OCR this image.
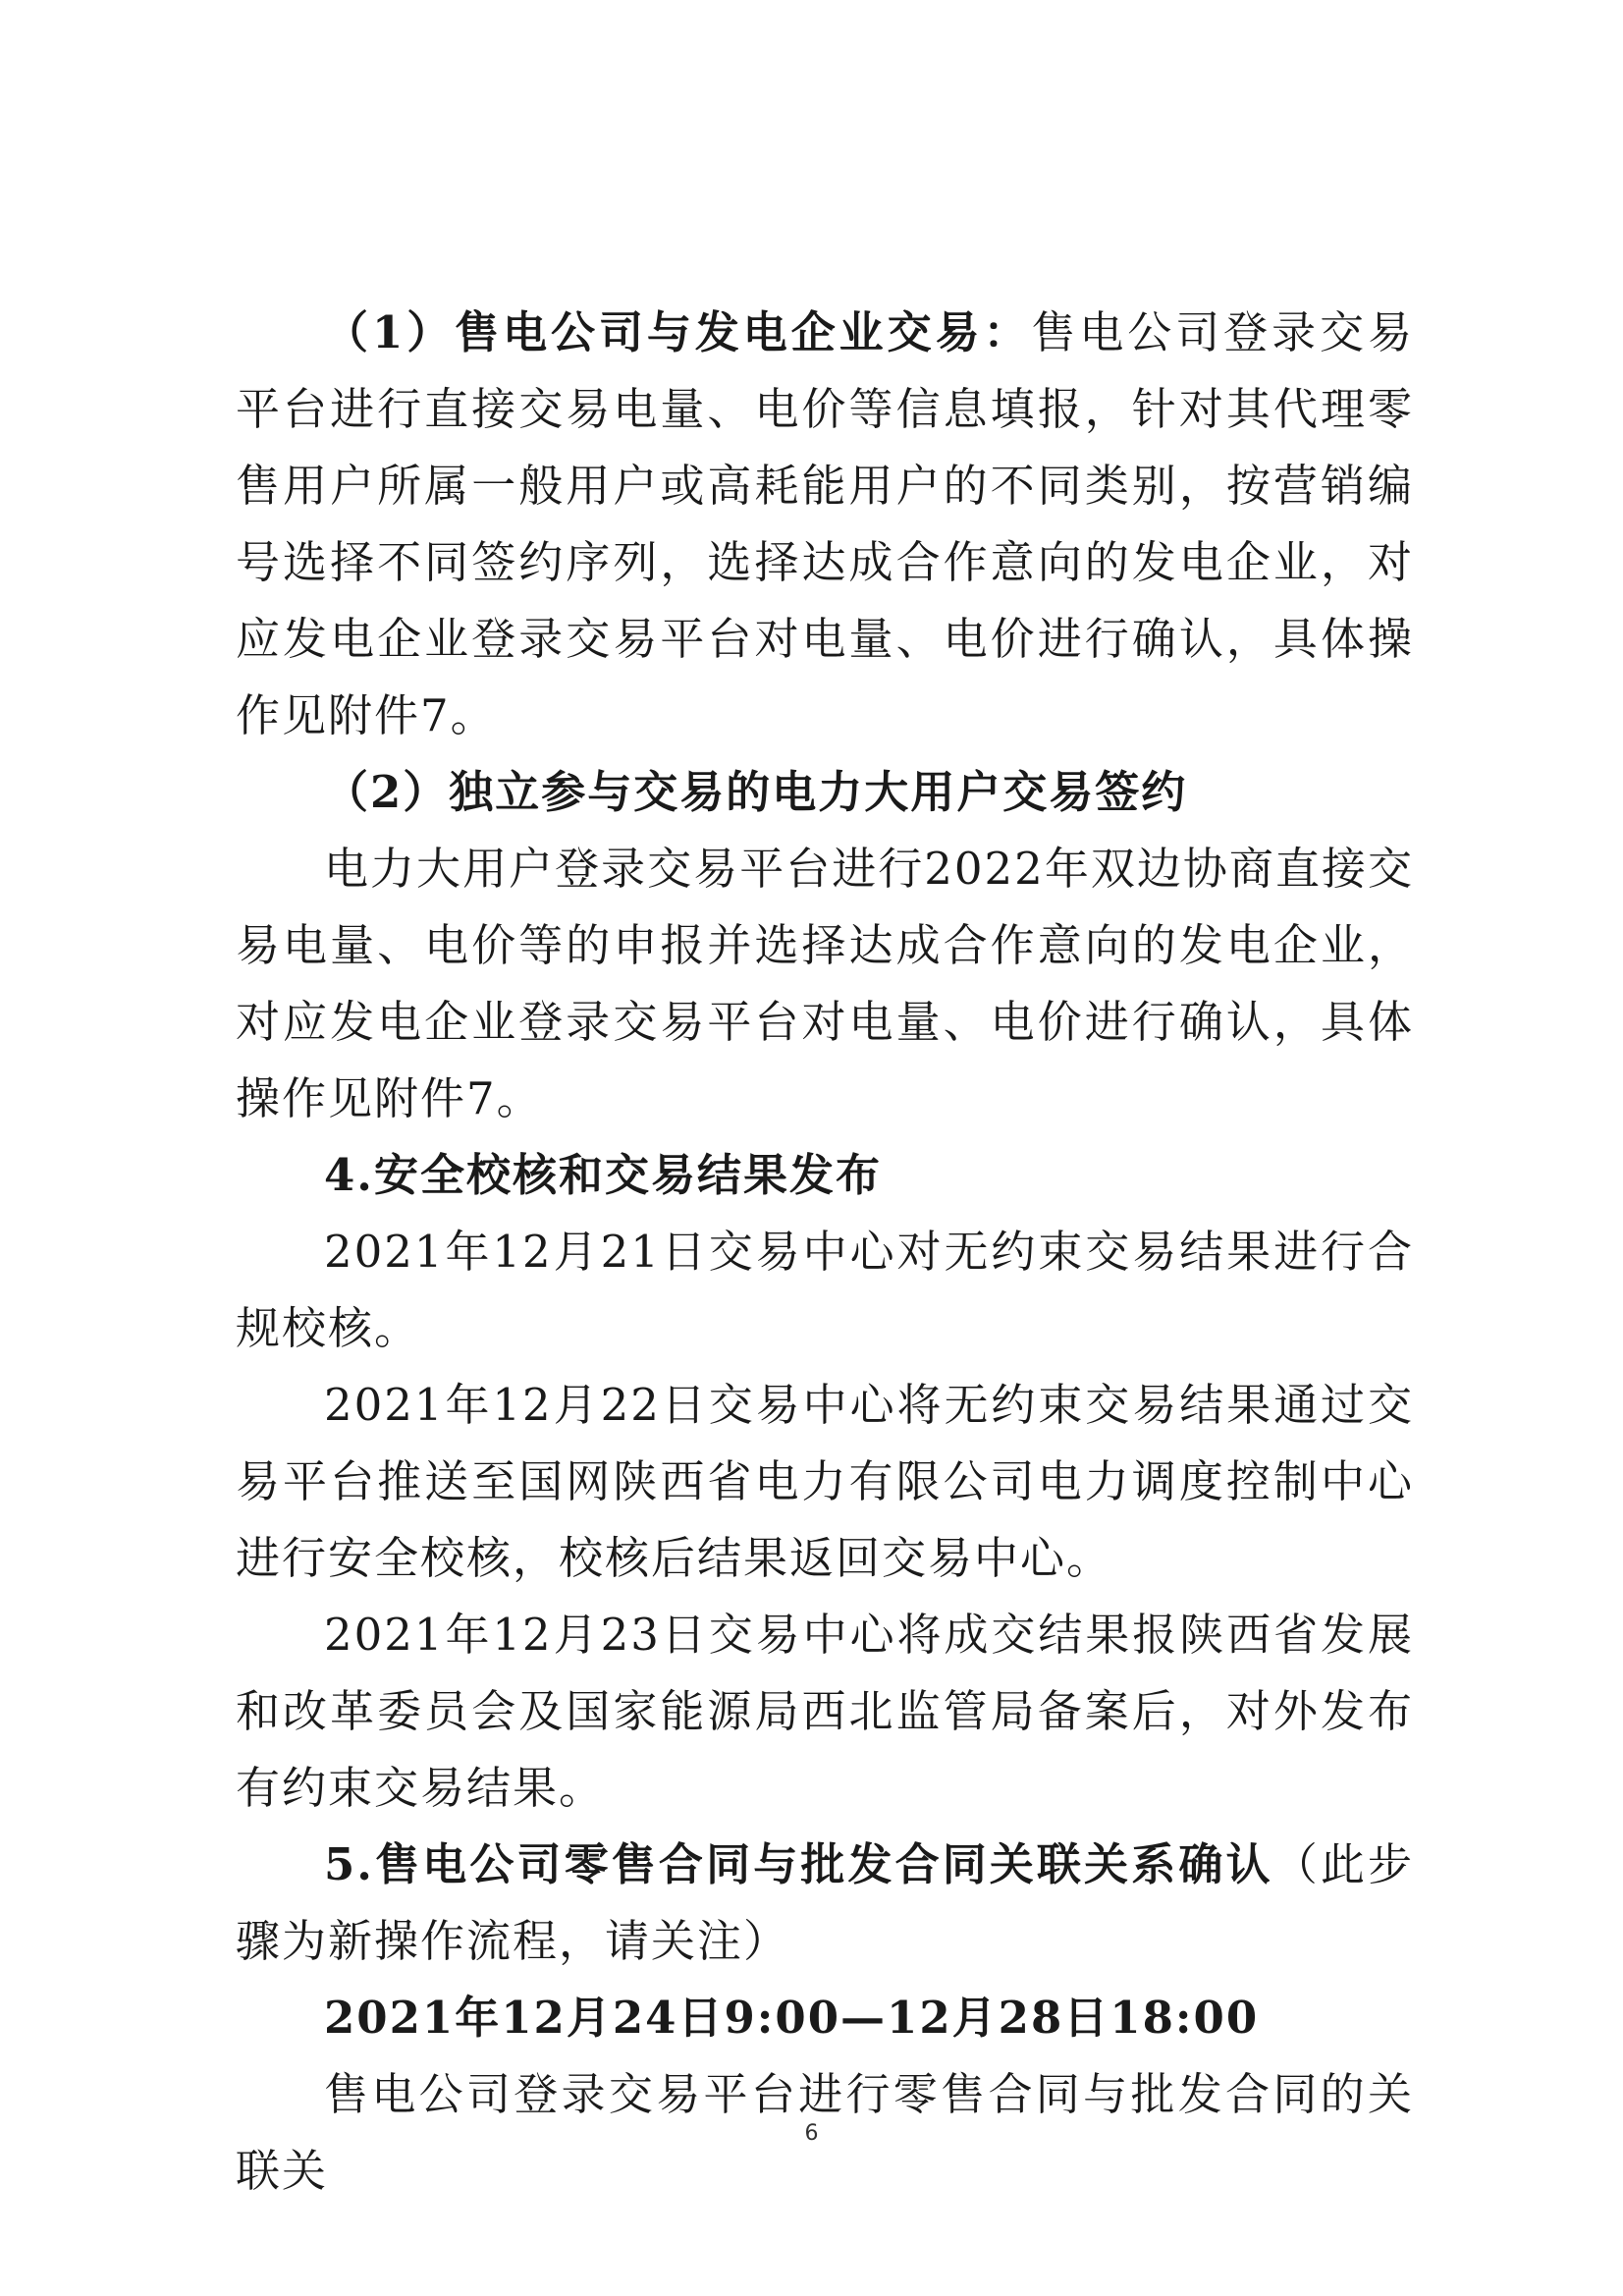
（1）售电公司与发电企业交易：售电公司登录交易平台进行直接交易电量、电价等信息填报，针对其代理零售用户所属一般用户或高耗能用户的不同类别，按营销编号选择不同签约序列，选择达成合作意向的发电企业，对应发电企业登录交易平台对电量、电价进行确认，具体操作见附件7。

（2）独立参与交易的电力大用户交易签约

电力大用户登录交易平台进行2022年双边协商直接交易电量、电价等的申报并选择达成合作意向的发电企业，对应发电企业登录交易平台对电量、电价进行确认，具体操作见附件7。

4.安全校核和交易结果发布

2021年12月21日交易中心对无约束交易结果进行合规校核。

2021年12月22日交易中心将无约束交易结果通过交易平台推送至国网陕西省电力有限公司电力调度控制中心进行安全校核，校核后结果返回交易中心。

2021年12月23日交易中心将成交结果报陕西省发展和改革委员会及国家能源局西北监管局备案后，对外发布有约束交易结果。

5.售电公司零售合同与批发合同关联关系确认（此步骤为新操作流程，请关注）

2021年12月24日9:00—12月28日18:00

售电公司登录交易平台进行零售合同与批发合同的关联关

6
